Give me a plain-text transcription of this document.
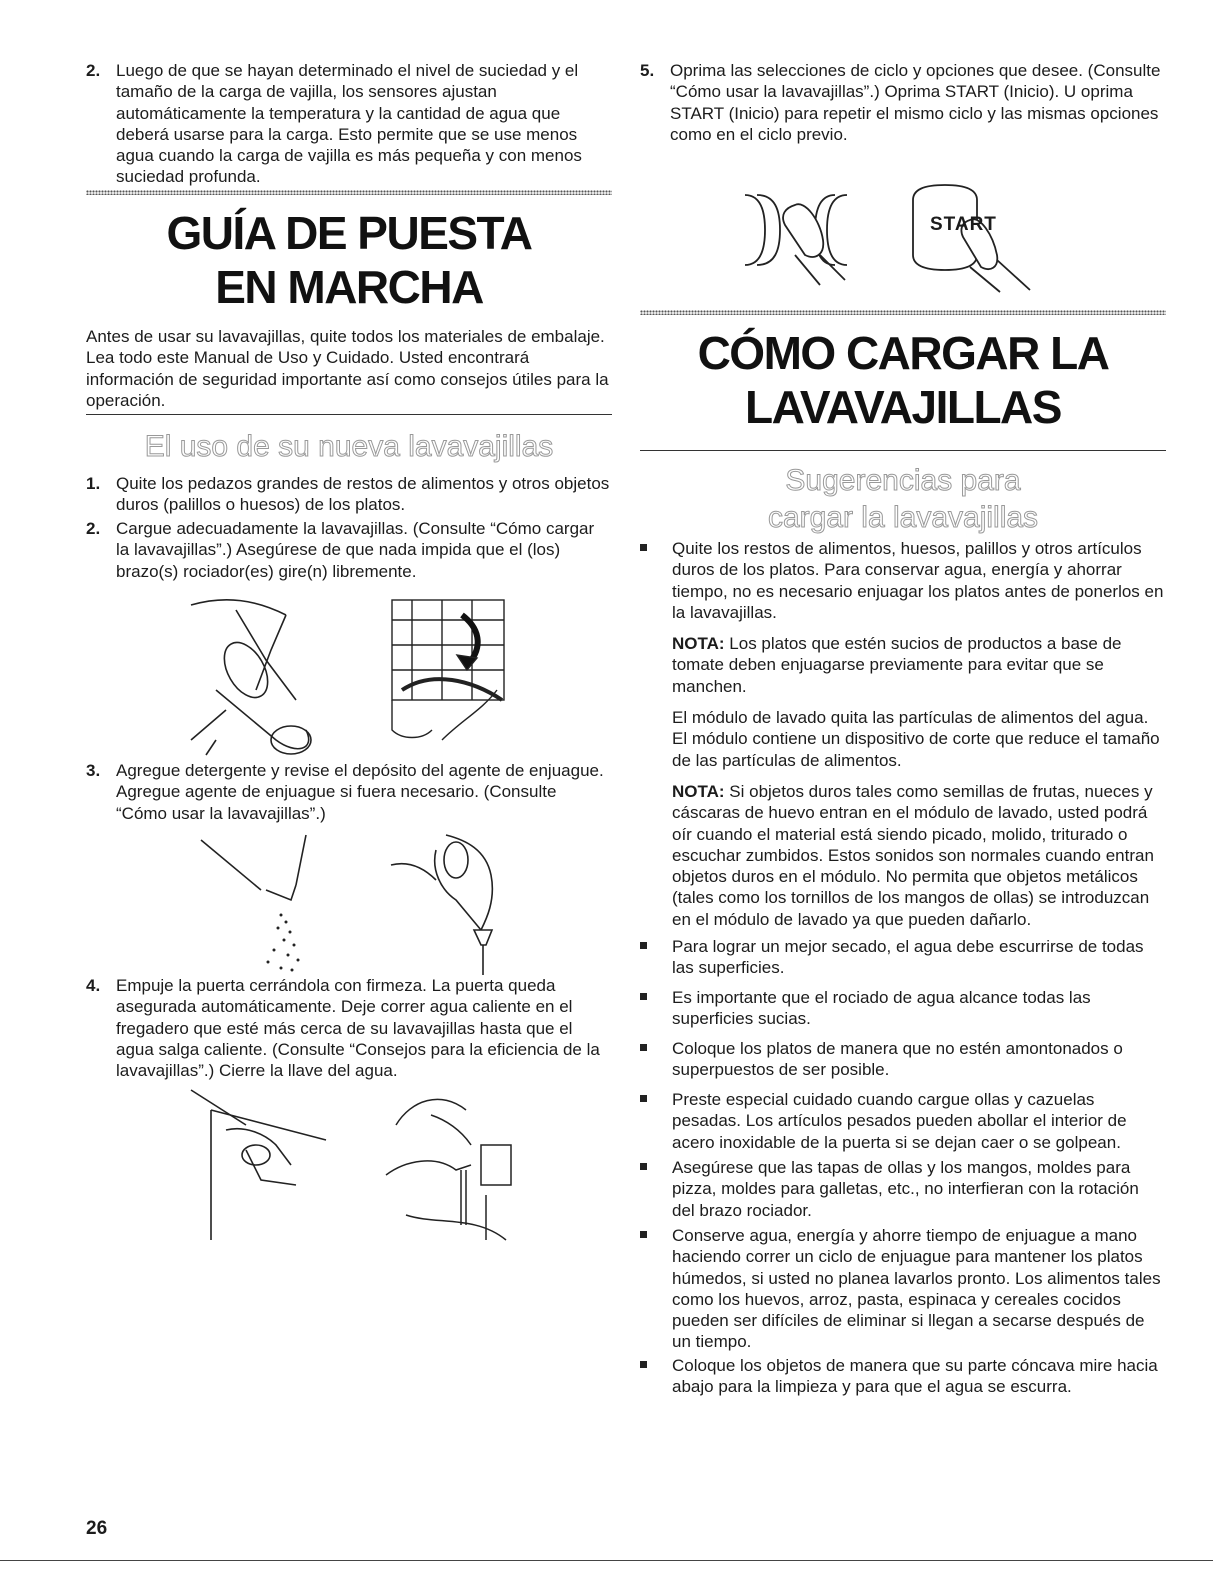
2. Luego de que se hayan determinado el nivel de suciedad y el tamaño de la carga de vajilla, los sensores ajustan automáticamente la temperatura y la cantidad de agua que deberá usarse para la carga. Esto permite que se use menos agua cuando la carga de vajilla es más pequeña y con menos suciedad profunda.
GUÍA DE PUESTA
EN MARCHA

Antes de usar su lavavajillas, quite todos los materiales de embalaje. Lea todo este Manual de Uso y Cuidado. Usted encontrará información de seguridad importante así como consejos útiles para la operación.

El uso de su nueva lavavajillas
1. Quite los pedazos grandes de restos de alimentos y otros objetos duros (palillos o huesos) de los platos.
2. Cargue adecuadamente la lavavajillas. (Consulte “Cómo cargar la lavavajillas”.) Asegúrese de que nada impida que el (los) brazo(s) rociador(es) gire(n) libremente.
3. Agregue detergente y revise el depósito del agente de enjuague. Agregue agente de enjuague si fuera necesario. (Consulte “Cómo usar la lavavajillas”.)
4. Empuje la puerta cerrándola con firmeza. La puerta queda asegurada automáticamente. Deje correr agua caliente en el fregadero que esté más cerca de su lavavajillas hasta que el agua salga caliente. (Consulte “Consejos para la eficiencia de la lavavajillas”.) Cierre la llave del agua.
5. Oprima las selecciones de ciclo y opciones que desee. (Consulte “Cómo usar la lavavajillas”.) Oprima START (Inicio). U oprima START (Inicio) para repetir el mismo ciclo y las mismas opciones como en el ciclo previo.
START
CÓMO CARGAR LA
LAVAVAJILLAS
Sugerencias para
cargar la lavavajillas
Quite los restos de alimentos, huesos, palillos y otros artículos duros de los platos. Para conservar agua, energía y ahorrar tiempo, no es necesario enjuagar los platos antes de ponerlos en la lavavajillas.
NOTA: Los platos que estén sucios de productos a base de tomate deben enjuagarse previamente para evitar que se manchen.
El módulo de lavado quita las partículas de alimentos del agua. El módulo contiene un dispositivo de corte que reduce el tamaño de las partículas de alimentos.
NOTA: Si objetos duros tales como semillas de frutas, nueces y cáscaras de huevo entran en el módulo de lavado, usted podrá oír cuando el material está siendo picado, molido, triturado o escuchar zumbidos. Estos sonidos son normales cuando entran objetos duros en el módulo. No permita que objetos metálicos (tales como los tornillos de los mangos de ollas) se introduzcan en el módulo de lavado ya que pueden dañarlo.
Para lograr un mejor secado, el agua debe escurrirse de todas las superficies.
Es importante que el rociado de agua alcance todas las superficies sucias.
Coloque los platos de manera que no estén amontonados o superpuestos de ser posible.
Preste especial cuidado cuando cargue ollas y cazuelas pesadas. Los artículos pesados pueden abollar el interior de acero inoxidable de la puerta si se dejan caer o se golpean.
Asegúrese que las tapas de ollas y los mangos, moldes para pizza, moldes para galletas, etc., no interfieran con la rotación del brazo rociador.
Conserve agua, energía y ahorre tiempo de enjuague a mano haciendo correr un ciclo de enjuague para mantener los platos húmedos, si usted no planea lavarlos pronto. Los alimentos tales como los huevos, arroz, pasta, espinaca y cereales cocidos pueden ser difíciles de eliminar si llegan a secarse después de un tiempo.
Coloque los objetos de manera que su parte cóncava mire hacia abajo para la limpieza y para que el agua se escurra.
26
